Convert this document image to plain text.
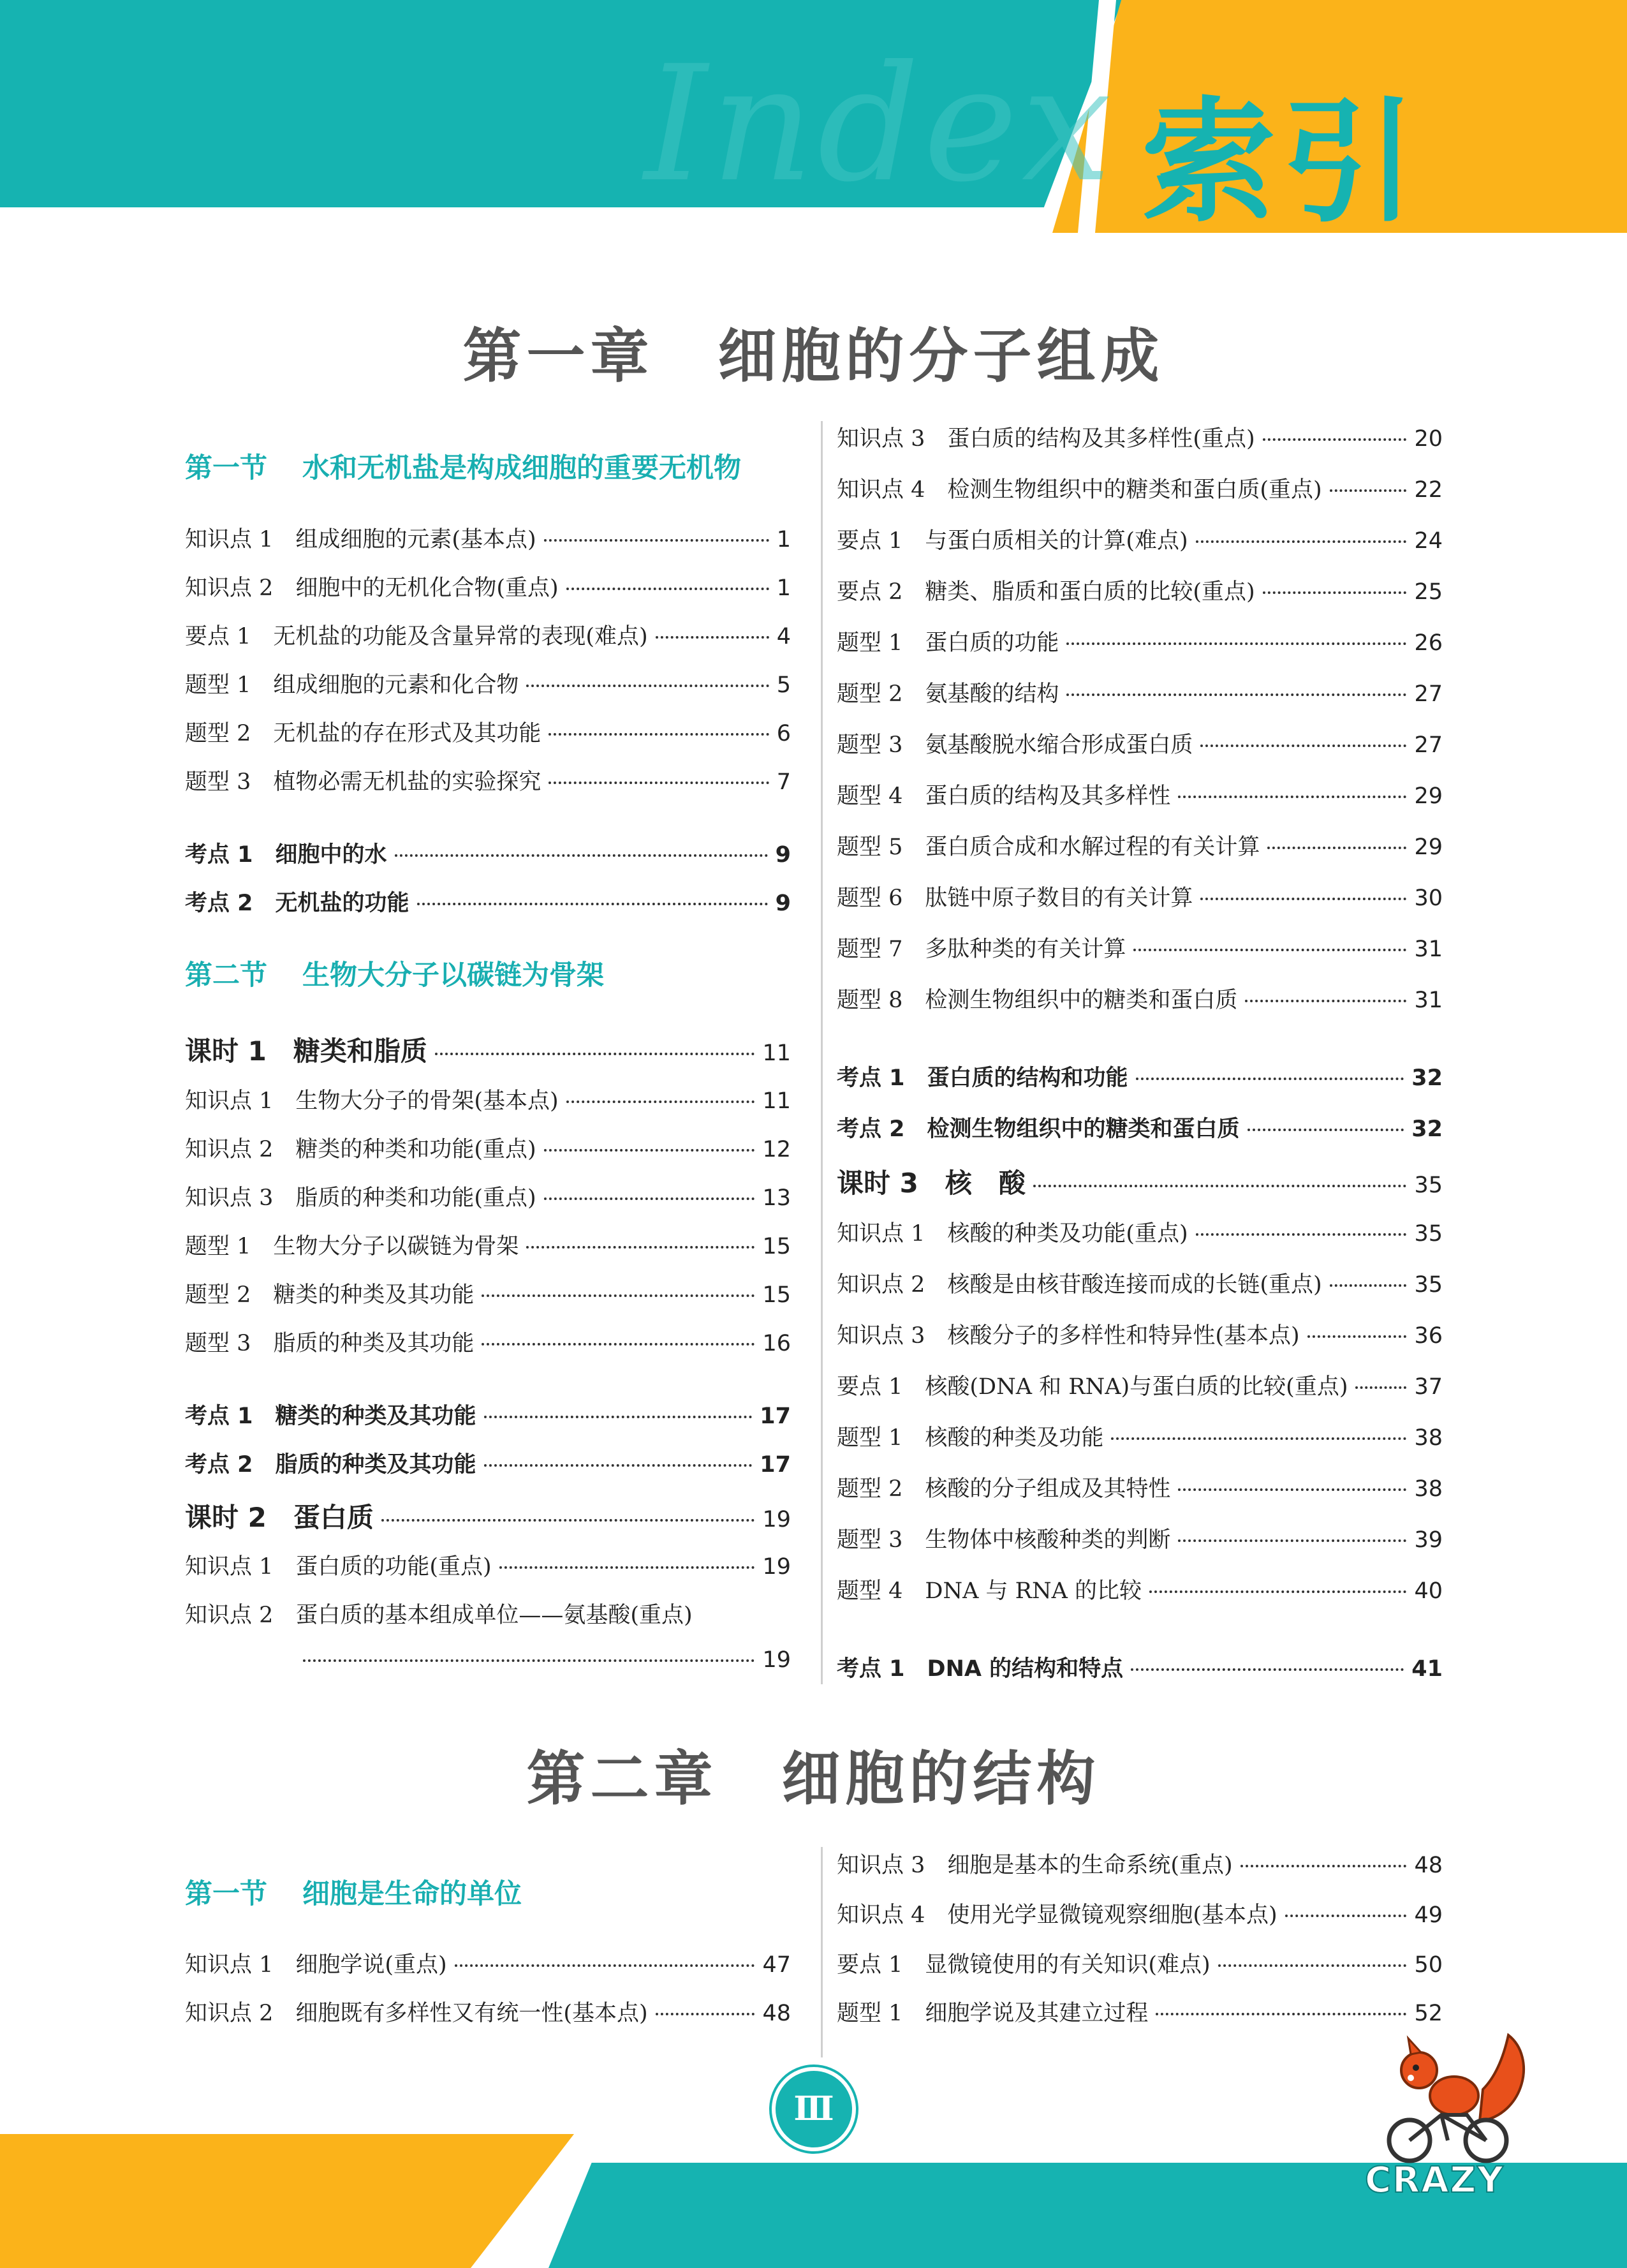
Index 索引
第一章 细胞的分子组成
第一节 水和无机盐是构成细胞的重要无机物
知识点 1　组成细胞的元素(基本点)	1
知识点 2　细胞中的无机化合物(重点)	1
要点 1　无机盐的功能及含量异常的表现(难点)	4
题型 1　组成细胞的元素和化合物	5
题型 2　无机盐的存在形式及其功能	6
题型 3　植物必需无机盐的实验探究	7
考点 1　细胞中的水	9
考点 2　无机盐的功能	9
第二节 生物大分子以碳链为骨架
课时 1　糖类和脂质	11
知识点 1　生物大分子的骨架(基本点)	11
知识点 2　糖类的种类和功能(重点)	12
知识点 3　脂质的种类和功能(重点)	13
题型 1　生物大分子以碳链为骨架	15
题型 2　糖类的种类及其功能	15
题型 3　脂质的种类及其功能	16
考点 1　糖类的种类及其功能	17
考点 2　脂质的种类及其功能	17
课时 2　蛋白质	19
知识点 1　蛋白质的功能(重点)	19
知识点 2　蛋白质的基本组成单位——氨基酸(重点)
19
知识点 3　蛋白质的结构及其多样性(重点)	20
知识点 4　检测生物组织中的糖类和蛋白质(重点)	22
要点 1　与蛋白质相关的计算(难点)	24
要点 2　糖类、脂质和蛋白质的比较(重点)	25
题型 1　蛋白质的功能	26
题型 2　氨基酸的结构	27
题型 3　氨基酸脱水缩合形成蛋白质	27
题型 4　蛋白质的结构及其多样性	29
题型 5　蛋白质合成和水解过程的有关计算	29
题型 6　肽链中原子数目的有关计算	30
题型 7　多肽种类的有关计算	31
题型 8　检测生物组织中的糖类和蛋白质	31
考点 1　蛋白质的结构和功能	32
考点 2　检测生物组织中的糖类和蛋白质	32
课时 3　核　酸	35
知识点 1　核酸的种类及功能(重点)	35
知识点 2　核酸是由核苷酸连接而成的长链(重点)	35
知识点 3　核酸分子的多样性和特异性(基本点)	36
要点 1　核酸(DNA 和 RNA)与蛋白质的比较(重点)	37
题型 1　核酸的种类及功能	38
题型 2　核酸的分子组成及其特性	38
题型 3　生物体中核酸种类的判断	39
题型 4　DNA 与 RNA 的比较	40
考点 1　DNA 的结构和特点	41
第二章 细胞的结构
第一节 细胞是生命的单位
知识点 1　细胞学说(重点)	47
知识点 2　细胞既有多样性又有统一性(基本点)	48
知识点 3　细胞是基本的生命系统(重点)	48
知识点 4　使用光学显微镜观察细胞(基本点)	49
要点 1　显微镜使用的有关知识(难点)	50
题型 1　细胞学说及其建立过程	52
Ⅲ
CRAZY
